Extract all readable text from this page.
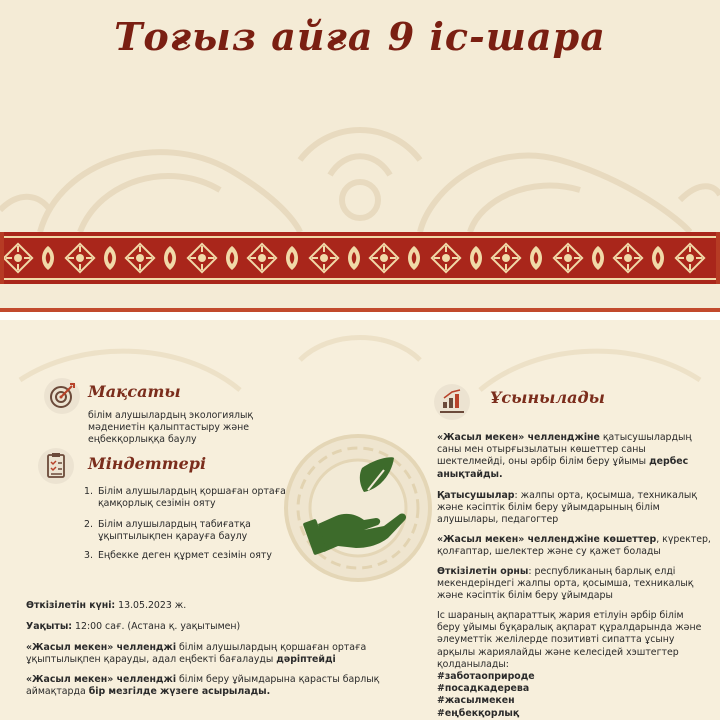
Тоғыз айға 9 іс-шара
Мақсаты
білім алушылардың экологиялық
мәдениетін қалыптастыру және
еңбекқорлыққа баулу
Міндеттері
1. Білім алушылардың қоршаған ортаға
қамқорлық сезімін ояту
2. Білім алушылардың табиғатқа
ұқыптылықпен қарауға баулу
3. Еңбекке деген құрмет сезімін ояту
Өткізілетін күні: 13.05.2023 ж.
Уақыты: 12:00 сағ. (Астана қ. уақытымен)
«Жасыл мекен» челленджі білім алушылардың қоршаған ортаға
ұқыптылықпен қарауды, адал еңбекті бағалауды дәріптейді
«Жасыл мекен» челленджі білім беру ұйымдарына қарасты барлық
аймақтарда бір мезгілде жүзеге асырылады.
Ұсынылады
«Жасыл мекен» челленджіне қатысушылардың
саны мен отырғызылатын көшеттер саны
шектелмейді, оны әрбір білім беру ұйымы дербес
анықтайды.
Қатысушылар: жалпы орта, қосымша, техникалық
және кәсіптік білім беру ұйымдарының білім
алушылары, педагогтер
«Жасыл мекен» челленджіне көшеттер, күректер,
қолғаптар, шелектер және су қажет болады
Өткізілетін орны: республиканың барлық елді
мекендеріндегі жалпы орта, қосымша, техникалық
және кәсіптік білім беру ұйымдары
Іс шараның ақпараттық жария етілуін әрбір білім
беру ұйымы бұқаралық ақпарат құралдарында және
әлеуметтік желілерде позитивті сипатта ұсыну
арқылы жариялайды және келесідей хэштегтер
қолданылады:
#заботаоприроде
#посадкадерева
#жасылмекен
#еңбекқорлық
